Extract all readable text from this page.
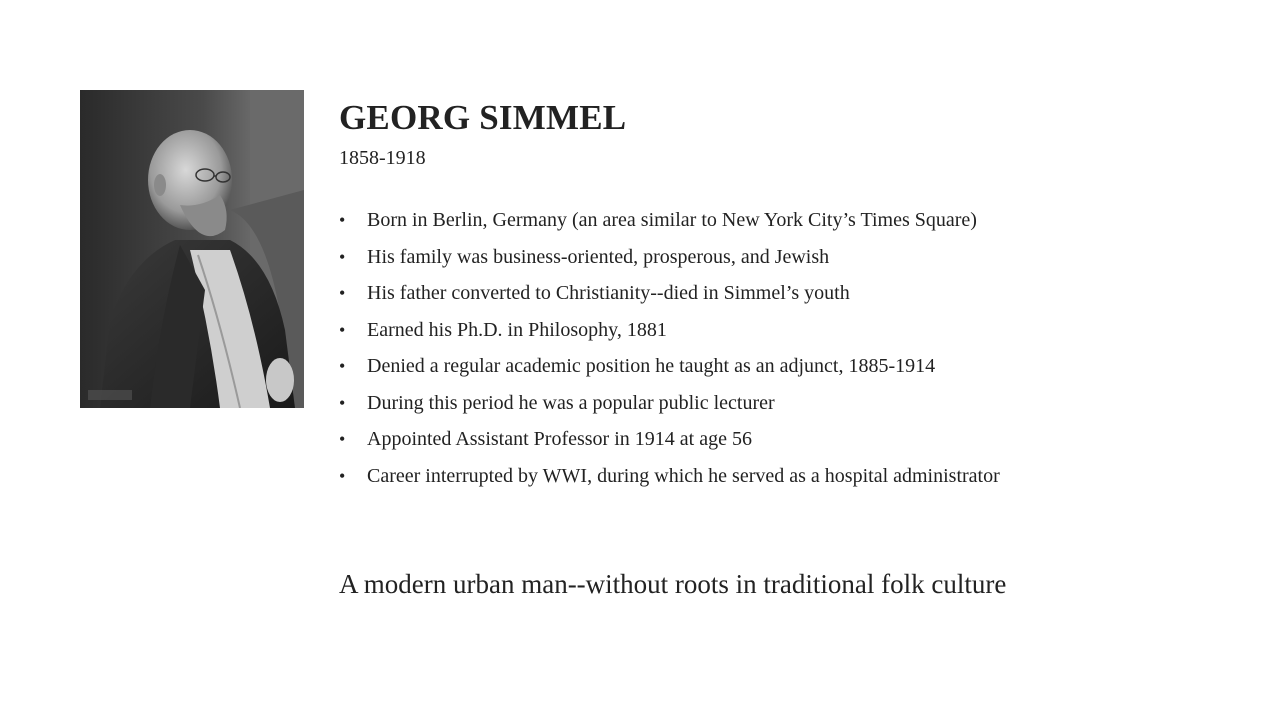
GEORG SIMMEL
1858-1918
• Born in Berlin, Germany (an area similar to New York City’s Times Square)
• His family was business-oriented, prosperous, and Jewish
• His father converted to Christianity--died in Simmel’s youth
• Earned his Ph.D. in Philosophy, 1881
• Denied a regular academic position he taught as an adjunct, 1885-1914
• During this period he was a popular public lecturer
• Appointed Assistant Professor in 1914 at age 56
• Career interrupted by WWI, during which he served as a hospital administrator
A modern urban man--without roots in traditional folk culture
